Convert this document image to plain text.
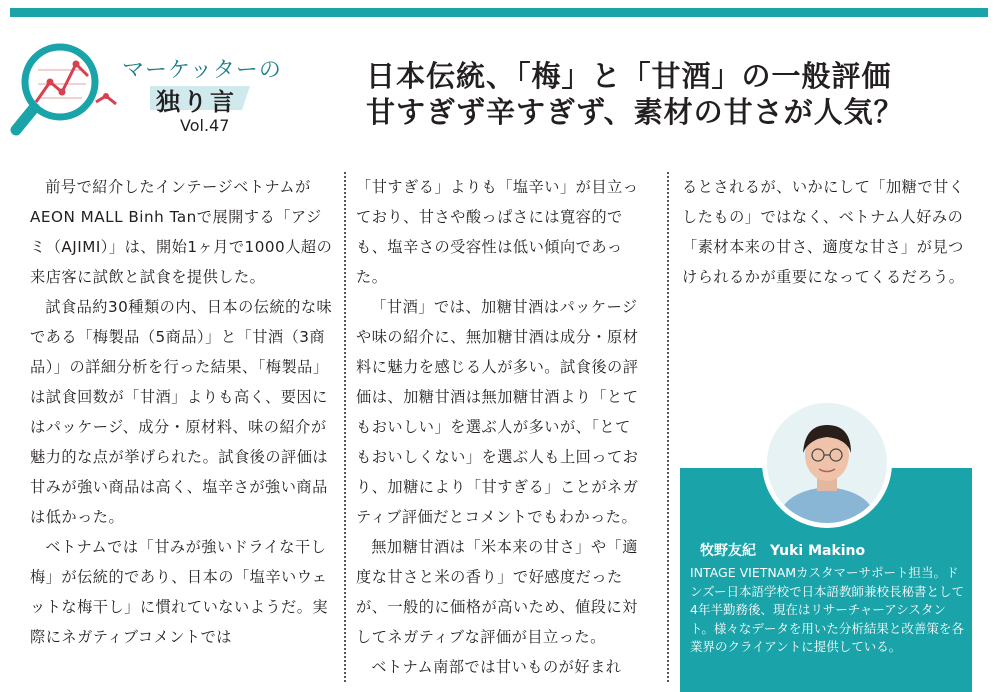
マーケッターの
独り言
Vol.47
日本伝統、「梅」と「甘酒」の一般評価
甘すぎず辛すぎず、素材の甘さが人気？

前号で紹介したインテージベトナムがAEON MALL Binh Tanで展開する「アジミ（AJIMI）」は、開始1ヶ月で1000人超の来店客に試飲と試食を提供した。

試食品約30種類の内、日本の伝統的な味である「梅製品（5商品）」と「甘酒（3商品）」の詳細分析を行った結果、「梅製品」は試食回数が「甘酒」よりも高く、要因にはパッケージ、成分・原材料、味の紹介が魅力的な点が挙げられた。試食後の評価は甘みが強い商品は高く、塩辛さが強い商品は低かった。

ベトナムでは「甘みが強いドライな干し梅」が伝統的であり、日本の「塩辛いウェットな梅干し」に慣れていないようだ。実際にネガティブコメントでは

「甘すぎる」よりも「塩辛い」が目立っており、甘さや酸っぱさには寛容的でも、塩辛さの受容性は低い傾向であった。

「甘酒」では、加糖甘酒はパッケージや味の紹介に、無加糖甘酒は成分・原材料に魅力を感じる人が多い。試食後の評価は、加糖甘酒は無加糖甘酒より「とてもおいしい」を選ぶ人が多いが、「とてもおいしくない」を選ぶ人も上回っており、加糖により「甘すぎる」ことがネガティブ評価だとコメントでもわかった。

無加糖甘酒は「米本来の甘さ」や「適度な甘さと米の香り」で好感度だったが、一般的に価格が高いため、値段に対してネガティブな評価が目立った。

ベトナム南部では甘いものが好まれ

るとされるが、いかにして「加糖で甘くしたもの」ではなく、ベトナム人好みの「素材本来の甘さ、適度な甘さ」が見つけられるかが重要になってくるだろう。

牧野友紀　Yuki Makino
INTAGE VIETNAMカスタマーサポート担当。ドンズー日本語学校で日本語教師兼校長秘書として4年半勤務後、現在はリサーチャーアシスタント。様々なデータを用いた分析結果と改善策を各業界のクライアントに提供している。
